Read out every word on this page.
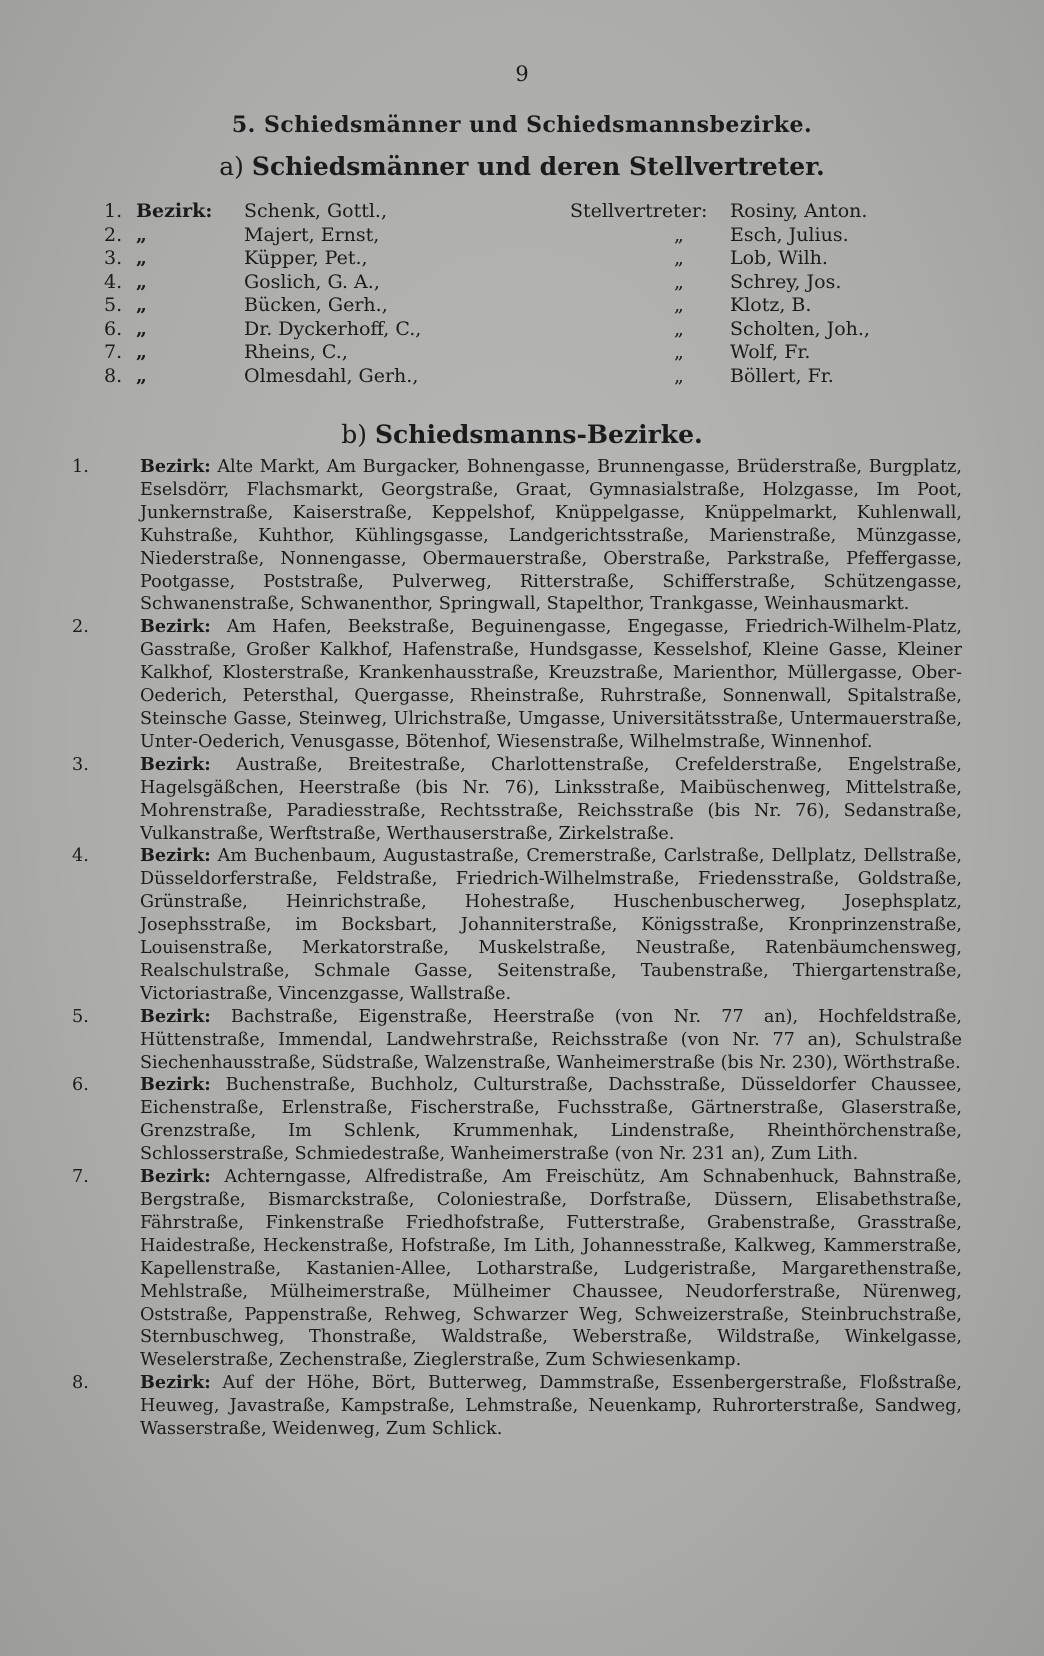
9
5. Schiedsmänner und Schiedsmannsbezirke.
a) Schiedsmänner und deren Stellvertreter.
1. Bezirk: Schenk, Gottl.,	Stellvertreter: Rosiny, Anton.
2. „	Majert, Ernst,	„ Esch, Julius.
3. „	Küpper, Pet.,	„ Lob, Wilh.
4. „	Goslich, G. A.,	„ Schrey, Jos.
5. „	Bücken, Gerh.,	„ Klotz, B.
6. „	Dr. Dyckerhoff, C.,	„ Scholten, Joh.,
7. „	Rheins, C.,	„ Wolf, Fr.
8. „	Olmesdahl, Gerh.,	„ Böllert, Fr.
b) Schiedsmanns-Bezirke.

1.	Bezirk: Alte Markt, Am Burgacker, Bohnengasse, Brunnengasse, Brüderstraße, Burgplatz, Eselsdörr, Flachsmarkt, Georgstraße, Graat, Gymnasialstraße, Holzgasse, Im Poot, Junkernstraße, Kaiserstraße, Keppelshof, Knüppelgasse, Knüppelmarkt, Kuhlenwall, Kuhstraße, Kuhthor, Kühlingsgasse, Landgerichtsstraße, Marienstraße, Münzgasse, Niederstraße, Nonnengasse, Obermauerstraße, Oberstraße, Parkstraße, Pfeffergasse, Pootgasse, Poststraße, Pulverweg, Ritterstraße, Schifferstraße, Schützengasse, Schwanenstraße, Schwanenthor, Springwall, Stapelthor, Trankgasse, Weinhausmarkt.

2.	Bezirk: Am Hafen, Beekstraße, Beguinengasse, Engegasse, Friedrich-Wilhelm-Platz, Gasstraße, Großer Kalkhof, Hafenstraße, Hundsgasse, Kesselshof, Kleine Gasse, Kleiner Kalkhof, Klosterstraße, Krankenhausstraße, Kreuzstraße, Marienthor, Müllergasse, Ober-Oederich, Petersthal, Quergasse, Rheinstraße, Ruhrstraße, Sonnenwall, Spitalstraße, Steinsche Gasse, Steinweg, Ulrichstraße, Umgasse, Universitätsstraße, Untermauerstraße, Unter-Oederich, Venusgasse, Bötenhof, Wiesenstraße, Wilhelmstraße, Winnenhof.

3.	Bezirk: Austraße, Breitestraße, Charlottenstraße, Crefelderstraße, Engelstraße, Hagelsgäßchen, Heerstraße (bis Nr. 76), Linksstraße, Maibüschenweg, Mittelstraße, Mohrenstraße, Paradiesstraße, Rechtsstraße, Reichsstraße (bis Nr. 76), Sedanstraße, Vulkanstraße, Werftstraße, Werthauserstraße, Zirkelstraße.

4.	Bezirk: Am Buchenbaum, Augustastraße, Cremerstraße, Carlstraße, Dellplatz, Dellstraße, Düsseldorferstraße, Feldstraße, Friedrich-Wilhelmstraße, Friedensstraße, Goldstraße, Grünstraße, Heinrichstraße, Hohestraße, Huschenbuscherweg, Josephsplatz, Josephsstraße, im Bocksbart, Johanniterstraße, Königsstraße, Kronprinzenstraße, Louisenstraße, Merkatorstraße, Muskelstraße, Neustraße, Ratenbäumchensweg, Realschulstraße, Schmale Gasse, Seitenstraße, Taubenstraße, Thiergartenstraße, Victoriastraße, Vincenzgasse, Wallstraße.

5.	Bezirk: Bachstraße, Eigenstraße, Heerstraße (von Nr. 77 an), Hochfeldstraße, Hüttenstraße, Immendal, Landwehrstraße, Reichsstraße (von Nr. 77 an), Schulstraße Siechenhausstraße, Südstraße, Walzenstraße, Wanheimerstraße (bis Nr. 230), Wörthstraße.

6.	Bezirk: Buchenstraße, Buchholz, Culturstraße, Dachsstraße, Düsseldorfer Chaussee, Eichenstraße, Erlenstraße, Fischerstraße, Fuchsstraße, Gärtnerstraße, Glaserstraße, Grenzstraße, Im Schlenk, Krummenhak, Lindenstraße, Rheinthörchenstraße, Schlosserstraße, Schmiedestraße, Wanheimerstraße (von Nr. 231 an), Zum Lith.

7.	Bezirk: Achterngasse, Alfredistraße, Am Freischütz, Am Schnabenhuck, Bahnstraße, Bergstraße, Bismarckstraße, Coloniestraße, Dorfstraße, Düssern, Elisabethstraße, Fährstraße, Finkenstraße Friedhofstraße, Futterstraße, Grabenstraße, Grasstraße, Haidestraße, Heckenstraße, Hofstraße, Im Lith, Johannesstraße, Kalkweg, Kammerstraße, Kapellenstraße, Kastanien-Allee, Lotharstraße, Ludgeristraße, Margarethenstraße, Mehlstraße, Mülheimerstraße, Mülheimer Chaussee, Neudorferstraße, Nürenweg, Oststraße, Pappenstraße, Rehweg, Schwarzer Weg, Schweizerstraße, Steinbruchstraße, Sternbuschweg, Thonstraße, Waldstraße, Weberstraße, Wildstraße, Winkelgasse, Weselerstraße, Zechenstraße, Zieglerstraße, Zum Schwiesenkamp.

8.	Bezirk: Auf der Höhe, Bört, Butterweg, Dammstraße, Essenbergerstraße, Floßstraße, Heuweg, Javastraße, Kampstraße, Lehmstraße, Neuenkamp, Ruhrorterstraße, Sandweg, Wasserstraße, Weidenweg, Zum Schlick.
